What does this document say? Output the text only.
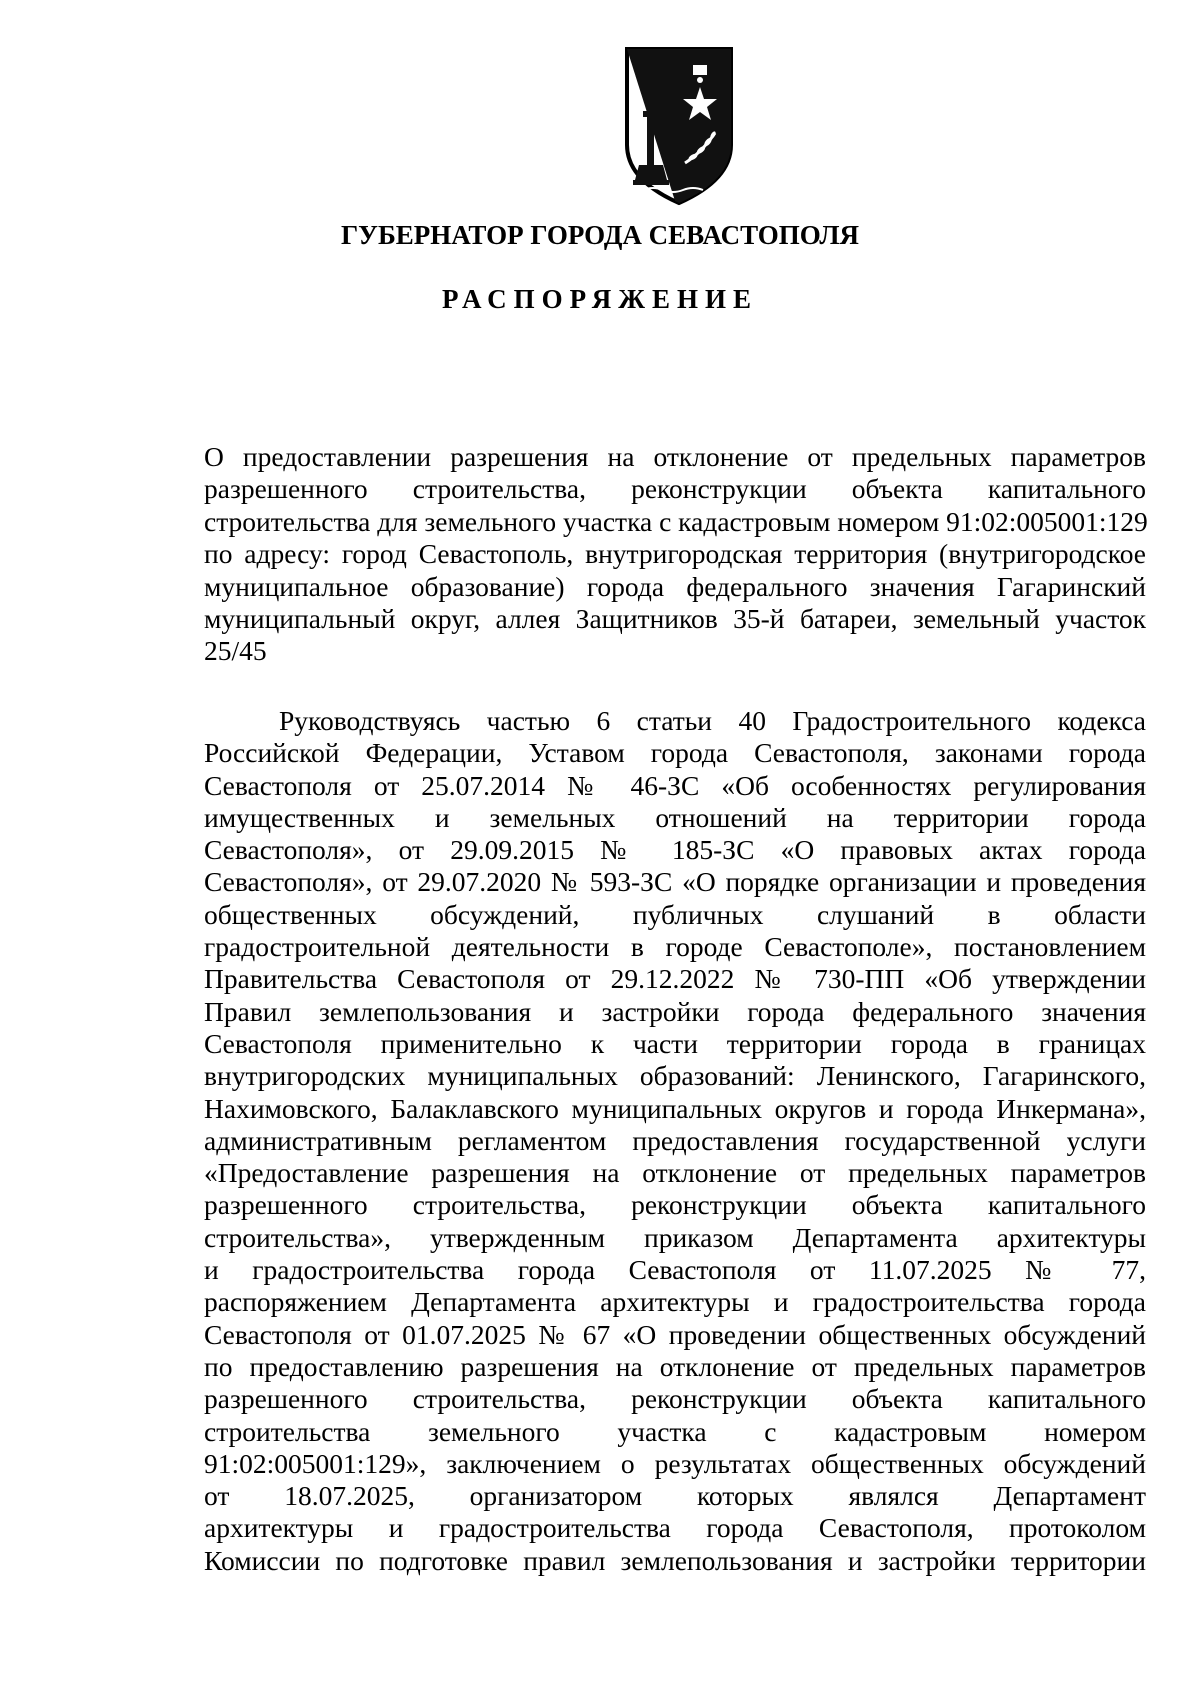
ГУБЕРНАТОР ГОРОДА СЕВАСТОПОЛЯ
РАСПОРЯЖЕНИЕ
О предоставлении разрешения на отклонение от предельных параметров
разрешенного строительства, реконструкции объекта капитального
строительства для земельного участка с кадастровым номером 91:02:005001:129
по адресу: город Севастополь, внутригородская территория (внутригородское
муниципальное образование) города федерального значения Гагаринский
муниципальный округ, аллея Защитников 35-й батареи, земельный участок
25/45
Руководствуясь частью 6 статьи 40 Градостроительного кодекса
Российской Федерации, Уставом города Севастополя, законами города
Севастополя от 25.07.2014 № 46-ЗС «Об особенностях регулирования
имущественных и земельных отношений на территории города
Севастополя», от 29.09.2015 № 185-ЗС «О правовых актах города
Севастополя», от 29.07.2020 № 593-ЗС «О порядке организации и проведения
общественных обсуждений, публичных слушаний в области
градостроительной деятельности в городе Севастополе», постановлением
Правительства Севастополя от 29.12.2022 № 730-ПП «Об утверждении
Правил землепользования и застройки города федерального значения
Севастополя применительно к части территории города в границах
внутригородских муниципальных образований: Ленинского, Гагаринского,
Нахимовского, Балаклавского муниципальных округов и города Инкермана»,
административным регламентом предоставления государственной услуги
«Предоставление разрешения на отклонение от предельных параметров
разрешенного строительства, реконструкции объекта капитального
строительства», утвержденным приказом Департамента архитектуры
и градостроительства города Севастополя от 11.07.2025 № 77,
распоряжением Департамента архитектуры и градостроительства города
Севастополя от 01.07.2025 № 67 «О проведении общественных обсуждений
по предоставлению разрешения на отклонение от предельных параметров
разрешенного строительства, реконструкции объекта капитального
строительства земельного участка с кадастровым номером
91:02:005001:129», заключением о результатах общественных обсуждений
от 18.07.2025, организатором которых являлся Департамент
архитектуры и градостроительства города Севастополя, протоколом
Комиссии по подготовке правил землепользования и застройки территории
